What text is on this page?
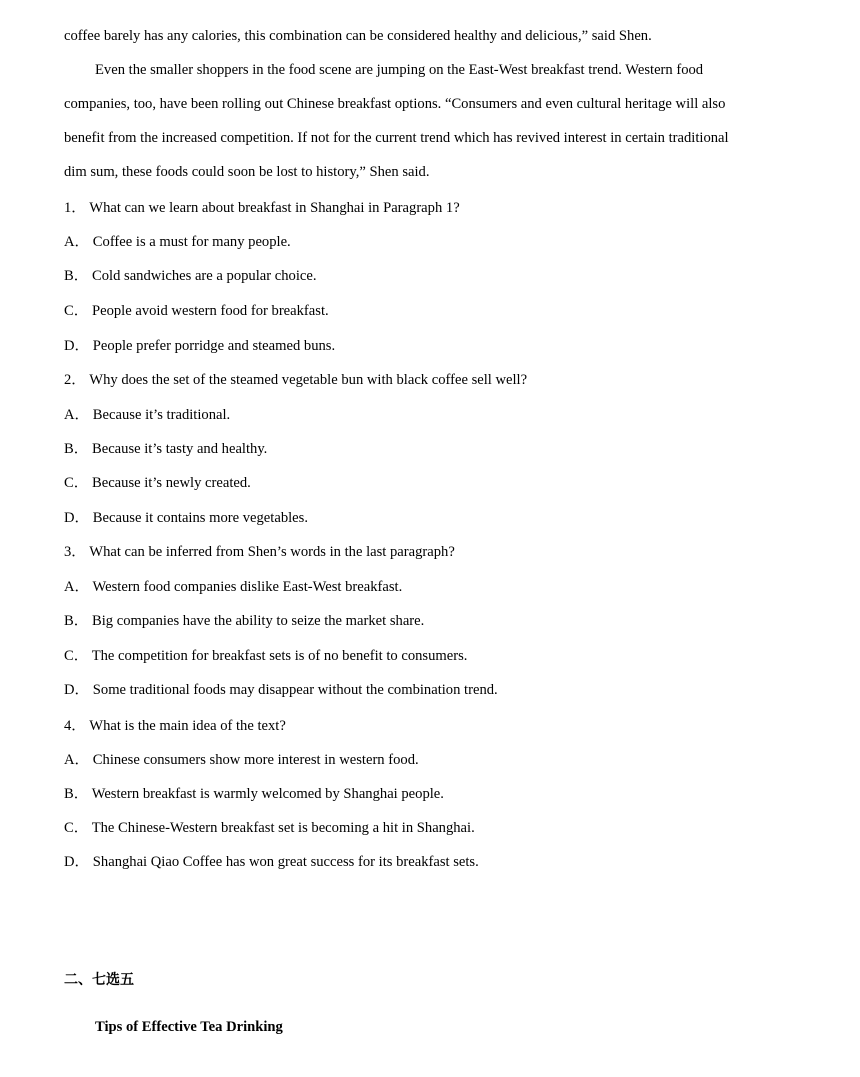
coffee barely has any calories, this combination can be considered healthy and delicious,” said Shen.
Even the smaller shoppers in the food scene are jumping on the East-West breakfast trend. Western food
companies, too, have been rolling out Chinese breakfast options. “Consumers and even cultural heritage will also
benefit from the increased competition. If not for the current trend which has revived interest in certain traditional
dim sum, these foods could soon be lost to history,” Shen said.
1． What can we learn about breakfast in Shanghai in Paragraph 1?
A． Coffee is a must for many people.
B． Cold sandwiches are a popular choice.
C． People avoid western food for breakfast.
D． People prefer porridge and steamed buns.
2． Why does the set of the steamed vegetable bun with black coffee sell well?
A． Because it’s traditional.
B． Because it’s tasty and healthy.
C． Because it’s newly created.
D． Because it contains more vegetables.
3． What can be inferred from Shen’s words in the last paragraph?
A． Western food companies dislike East-West breakfast.
B． Big companies have the ability to seize the market share.
C． The competition for breakfast sets is of no benefit to consumers.
D． Some traditional foods may disappear without the combination trend.
4． What is the main idea of the text?
A． Chinese consumers show more interest in western food.
B． Western breakfast is warmly welcomed by Shanghai people.
C． The Chinese-Western breakfast set is becoming a hit in Shanghai.
D． Shanghai Qiao Coffee has won great success for its breakfast sets.
二、七选五
Tips of Effective Tea Drinking
